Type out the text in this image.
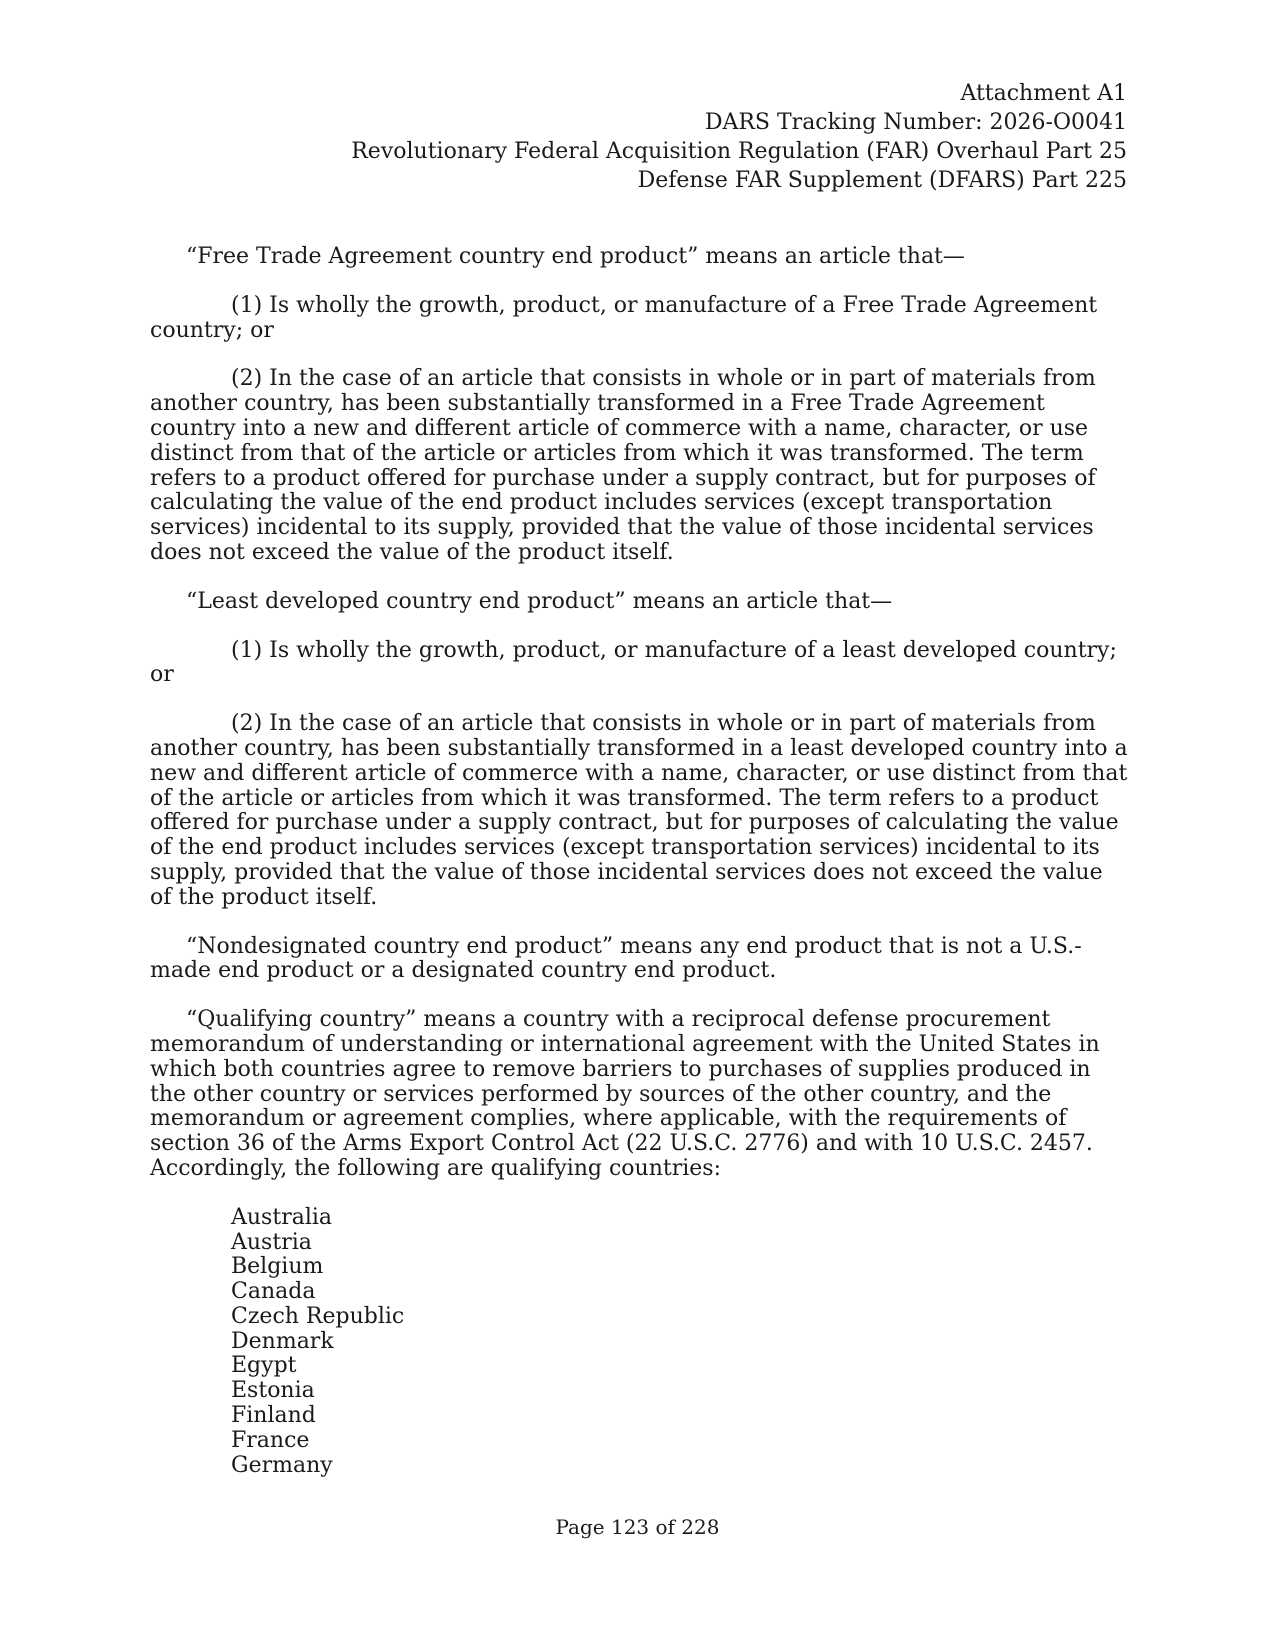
Attachment A1
DARS Tracking Number: 2026-O0041
Revolutionary Federal Acquisition Regulation (FAR) Overhaul Part 25
Defense FAR Supplement (DFARS) Part 225

“Free Trade Agreement country end product” means an article that—

(1) Is wholly the growth, product, or manufacture of a Free Trade Agreement country; or

(2) In the case of an article that consists in whole or in part of materials from another country, has been substantially transformed in a Free Trade Agreement country into a new and different article of commerce with a name, character, or use distinct from that of the article or articles from which it was transformed. The term refers to a product offered for purchase under a supply contract, but for purposes of calculating the value of the end product includes services (except transportation services) incidental to its supply, provided that the value of those incidental services does not exceed the value of the product itself.

“Least developed country end product” means an article that—

(1) Is wholly the growth, product, or manufacture of a least developed country; or

(2) In the case of an article that consists in whole or in part of materials from another country, has been substantially transformed in a least developed country into a new and different article of commerce with a name, character, or use distinct from that of the article or articles from which it was transformed. The term refers to a product offered for purchase under a supply contract, but for purposes of calculating the value of the end product includes services (except transportation services) incidental to its supply, provided that the value of those incidental services does not exceed the value of the product itself.

“Nondesignated country end product” means any end product that is not a U.S.-made end product or a designated country end product.

“Qualifying country” means a country with a reciprocal defense procurement memorandum of understanding or international agreement with the United States in which both countries agree to remove barriers to purchases of supplies produced in the other country or services performed by sources of the other country, and the memorandum or agreement complies, where applicable, with the requirements of section 36 of the Arms Export Control Act (22 U.S.C. 2776) and with 10 U.S.C. 2457. Accordingly, the following are qualifying countries:

Australia
Austria
Belgium
Canada
Czech Republic
Denmark
Egypt
Estonia
Finland
France
Germany
Page 123 of 228
